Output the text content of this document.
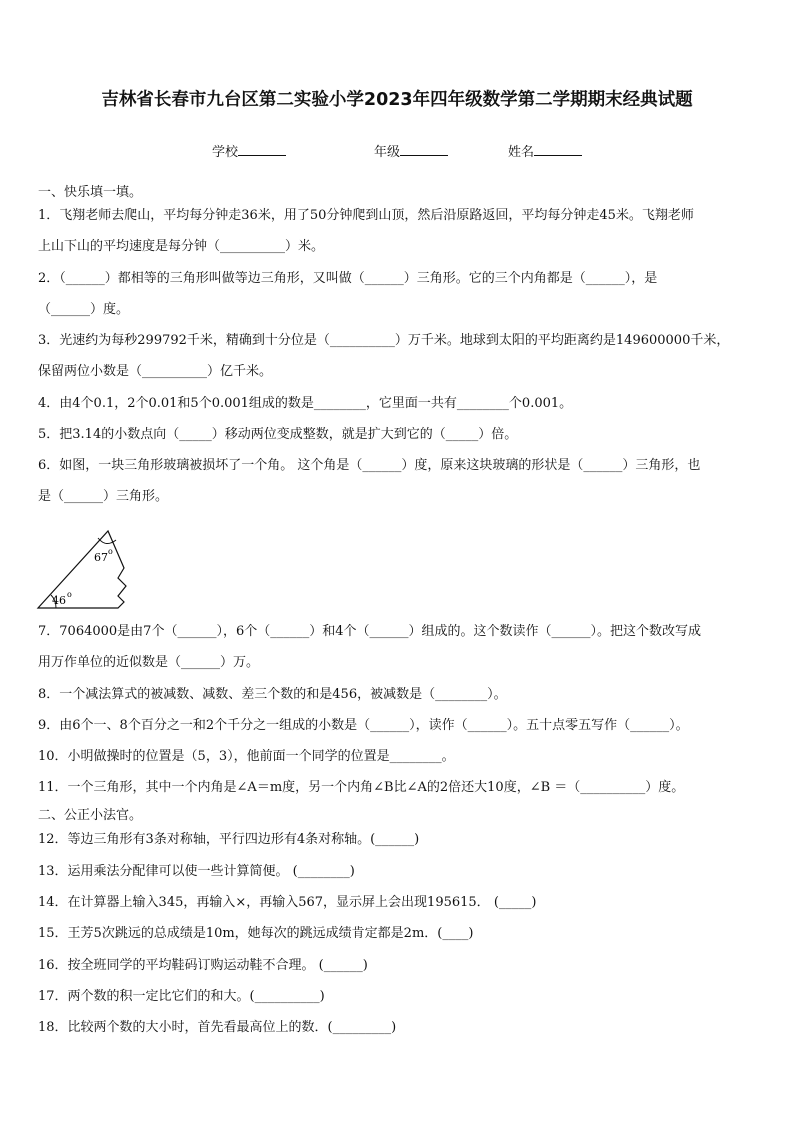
吉林省长春市九台区第二实验小学2023年四年级数学第二学期期末经典试题
学校	年级	姓名
一、快乐填一填。
1．飞翔老师去爬山，平均每分钟走36米，用了50分钟爬到山顶，然后沿原路返回，平均每分钟走45米。飞翔老师
上山下山的平均速度是每分钟（__________）米。
2．（______）都相等的三角形叫做等边三角形，又叫做（______）三角形。它的三个内角都是（______），是
（______）度。
3．光速约为每秒299792千米，精确到十分位是（__________）万千米。地球到太阳的平均距离约是149600000千米，
保留两位小数是（__________）亿千米。
4．由4个0.1，2个0.01和5个0.001组成的数是________，它里面一共有________个0.001。
5．把3.14的小数点向（_____）移动两位变成整数，就是扩大到它的（_____）倍。
6．如图，一块三角形玻璃被损坏了一个角。 这个角是（______）度，原来这块玻璃的形状是（______）三角形，也
是（______）三角形。
67 o
46 o
7．7064000是由7个（______），6个（______）和4个（______）组成的。这个数读作（______）。把这个数改写成
用万作单位的近似数是（______）万。
8．一个减法算式的被减数、减数、差三个数的和是456，被减数是（________）。
9．由6个一、8个百分之一和2个千分之一组成的小数是（______），读作（______）。五十点零五写作（______）。
10．小明做操时的位置是（5，3），他前面一个同学的位置是________。
11．一个三角形，其中一个内角是∠A＝m度，另一个内角∠B比∠A的2倍还大10度，∠B ＝（__________）度。
二、公正小法官。
12．等边三角形有3条对称轴，平行四边形有4条对称轴。(______)
13．运用乘法分配律可以使一些计算简便。 (________)
14．在计算器上输入345，再输入×，再输入567，显示屏上会出现195615． (_____)
15．王芳5次跳远的总成绩是10m，她每次的跳远成绩肯定都是2m．(____)
16．按全班同学的平均鞋码订购运动鞋不合理。 (______)
17．两个数的积一定比它们的和大。(__________)
18．比较两个数的大小时，首先看最高位上的数．(_________)
